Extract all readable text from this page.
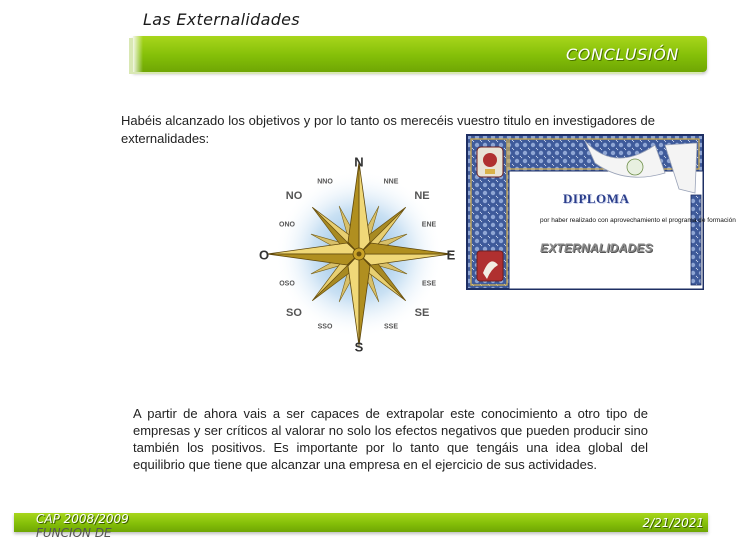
Las Externalidades
CONCLUSIÓN
Habéis alcanzado los objetivos y por lo tanto os merecéis vuestro titulo en investigadores de externalidades:
N
S
E
O
NE
NO
SE
SO
NNO	NNE
ONO	ENE
OSO	ESE
SSO	SSE
DIPLOMA
por haber realizado con aprovechamiento el programa de formación
EXTERNALIDADES
A partir de ahora vais a ser capaces de extrapolar este conocimiento a otro tipo de empresas y ser críticos al valorar no solo los efectos negativos que pueden producir sino también los positivos. Es importante por lo tanto que tengáis una idea global del equilibrio que tiene que alcanzar una empresa en el ejercicio de sus actividades.
CAP 2008/2009
FUNCION DE
2/21/2021
